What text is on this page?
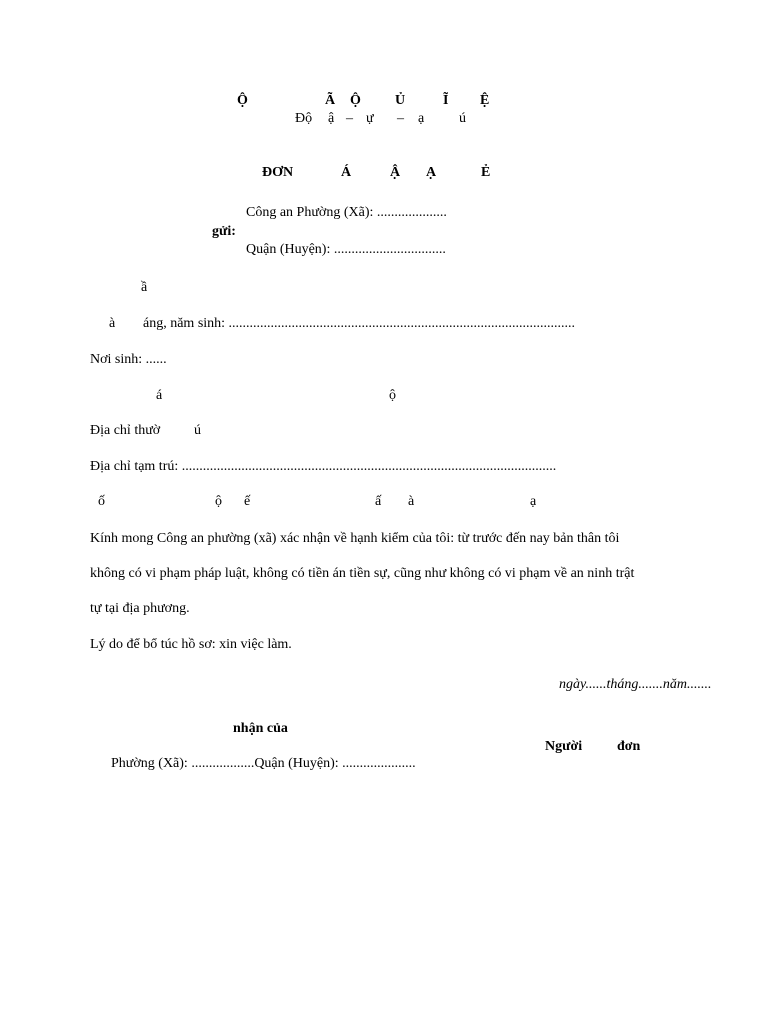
Ộ	Ã Ộ Ủ	Ĩ Ệ
Độ ậ – ự – ạ ú
ĐƠN	Á	Ậ Ạ	Ẻ
Công an Phường (Xã): ....................
gửi:
Quận (Huyện): ................................
ầ
à áng, năm sinh: ...................................................................................................
Nơi sinh: ......
á	ộ
Địa chỉ thườ ú
Địa chỉ tạm trú: ...........................................................................................................
ố	ộ ế	ấ à	ạ
Kính mong Công an phường (xã) xác nhận về hạnh kiểm của tôi: từ trước đến nay bản thân tôi
không có vi phạm pháp luật, không có tiền án tiền sự, cũng như không có vi phạm về an ninh trật
tự tại địa phương.
Lý do để bổ túc hồ sơ: xin việc làm.
ngày......tháng.......năm.......
nhận của
Người đơn
Phường (Xã): ..................Quận (Huyện): .....................
